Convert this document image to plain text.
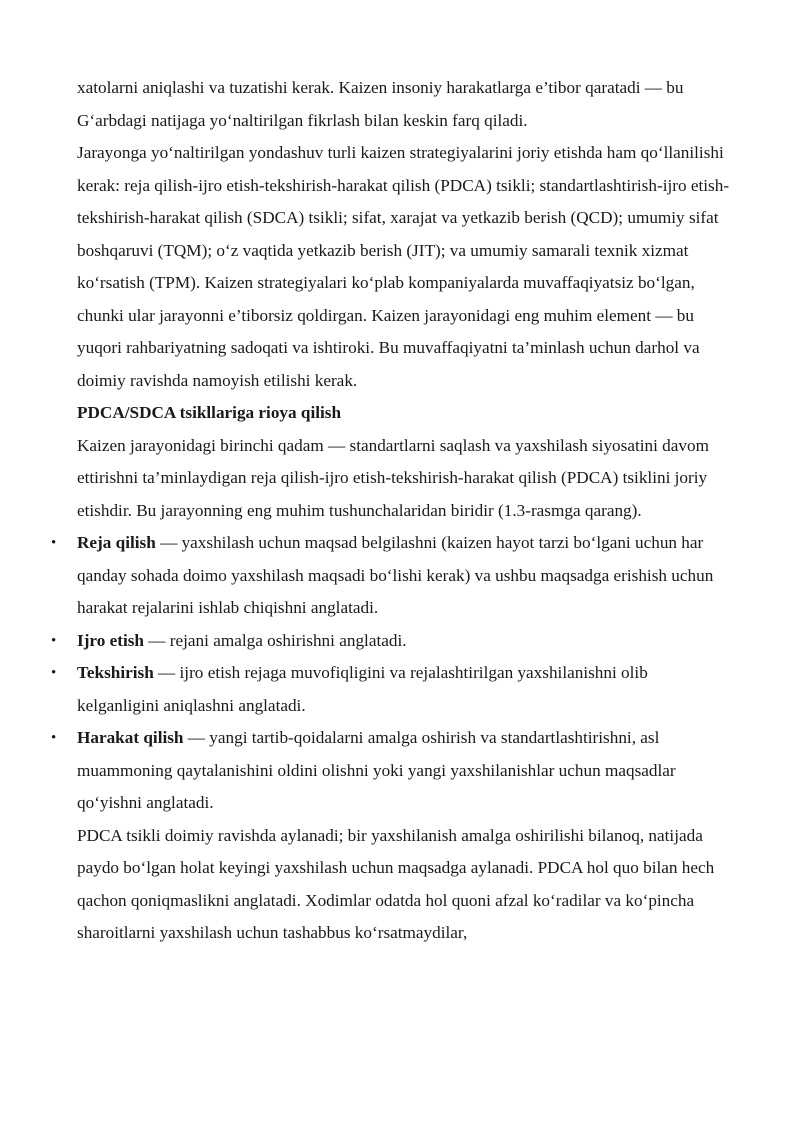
xatolarni aniqlashi va tuzatishi kerak. Kaizen insoniy harakatlarga e’tibor qaratadi — bu G‘arbdagi natijaga yo‘naltirilgan fikrlash bilan keskin farq qiladi.

Jarayonga yo‘naltirilgan yondashuv turli kaizen strategiyalarini joriy etishda ham qo‘llanilishi kerak: reja qilish-ijro etish-tekshirish-harakat qilish (PDCA) tsikli; standartlashtirish-ijro etish-tekshirish-harakat qilish (SDCA) tsikli; sifat, xarajat va yetkazib berish (QCD); umumiy sifat boshqaruvi (TQM); o‘z vaqtida yetkazib berish (JIT); va umumiy samarali texnik xizmat ko‘rsatish (TPM). Kaizen strategiyalari ko‘plab kompaniyalarda muvaffaqiyatsiz bo‘lgan, chunki ular jarayonni e’tiborsiz qoldirgan. Kaizen jarayonidagi eng muhim element — bu yuqori rahbariyatning sadoqati va ishtiroki. Bu muvaffaqiyatni ta’minlash uchun darhol va doimiy ravishda namoyish etilishi kerak.

PDCA/SDCA tsikllariga rioya qilish

Kaizen jarayonidagi birinchi qadam — standartlarni saqlash va yaxshilash siyosatini davom ettirishni ta’minlaydigan reja qilish-ijro etish-tekshirish-harakat qilish (PDCA) tsiklini joriy etishdir. Bu jarayonning eng muhim tushunchalaridan biridir (1.3-rasmga qarang).

• Reja qilish — yaxshilash uchun maqsad belgilashni (kaizen hayot tarzi bo‘lgani uchun har qanday sohada doimo yaxshilash maqsadi bo‘lishi kerak) va ushbu maqsadga erishish uchun harakat rejalarini ishlab chiqishni anglatadi.
• Ijro etish — rejani amalga oshirishni anglatadi.
• Tekshirish — ijro etish rejaga muvofiqligini va rejalashtirilgan yaxshilanishni olib kelganligini aniqlashni anglatadi.
• Harakat qilish — yangi tartib-qoidalarni amalga oshirish va standartlashtirishni, asl muammoning qaytalanishini oldini olishni yoki yangi yaxshilanishlar uchun maqsadlar qo‘yishni anglatadi.

PDCA tsikli doimiy ravishda aylanadi; bir yaxshilanish amalga oshirilishi bilanoq, natijada paydo bo‘lgan holat keyingi yaxshilash uchun maqsadga aylanadi. PDCA hol quo bilan hech qachon qoniqmaslikni anglatadi. Xodimlar odatda hol quoni afzal ko‘radilar va ko‘pincha sharoitlarni yaxshilash uchun tashabbus ko‘rsatmaydilar,
